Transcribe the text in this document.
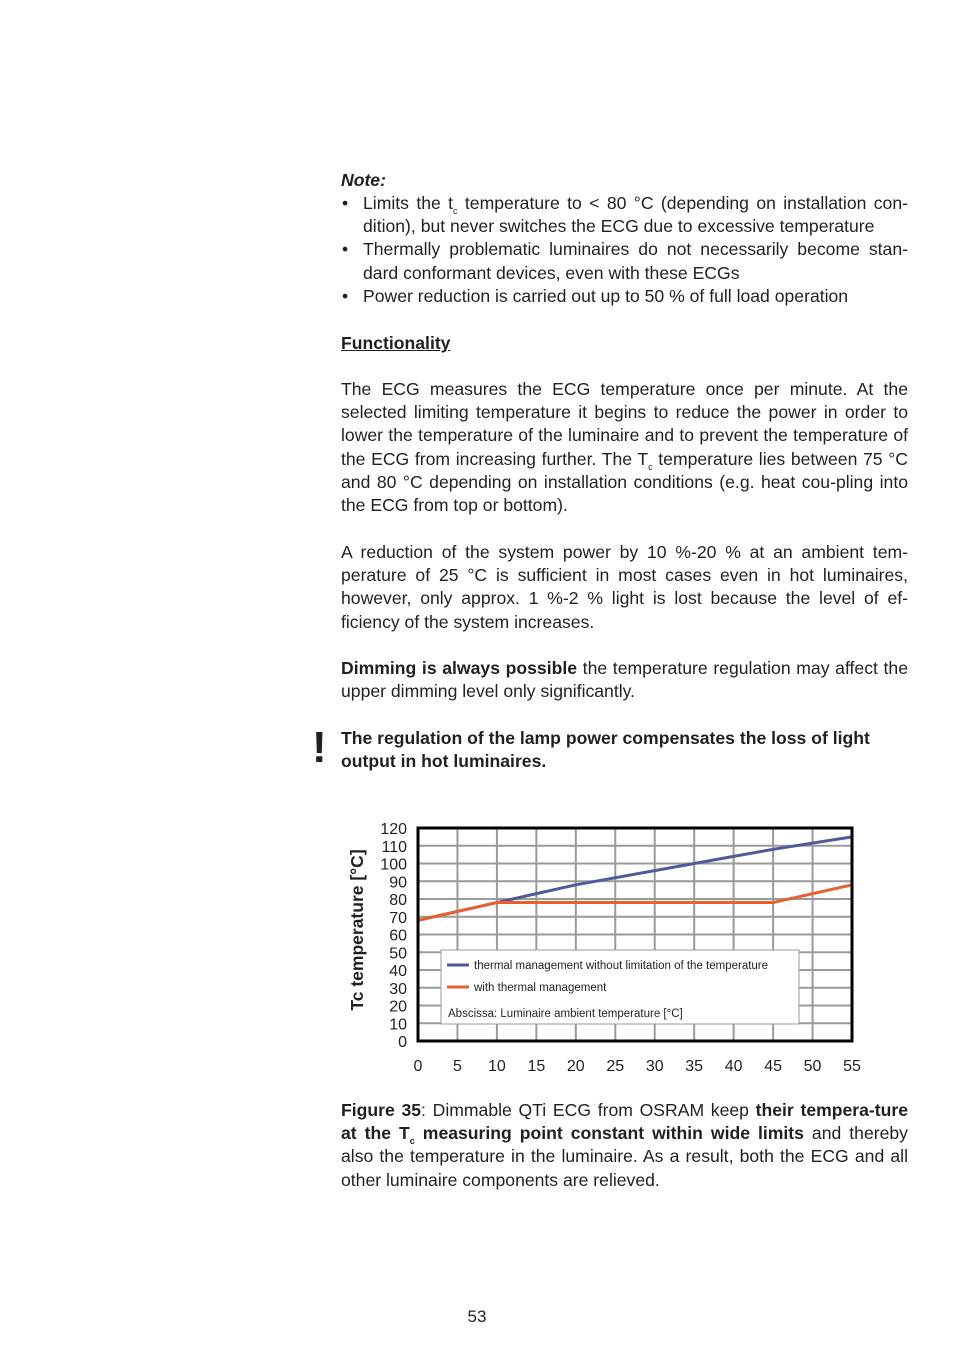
Note:
• Limits the $t_c$ temperature to < 80 °C (depending on installation con-dition), but never switches the ECG due to excessive temperature
• Thermally problematic luminaires do not necessarily become stan-dard conformant devices, even with these ECGs
• Power reduction is carried out up to 50 % of full load operation
Functionality
The ECG measures the ECG temperature once per minute. At the selected limiting temperature it begins to reduce the power in order to lower the temperature of the luminaire and to prevent the temperature of the ECG from increasing further. The $T_c$ temperature lies between 75 °C and 80 °C depending on installation conditions (e.g. heat cou-pling into the ECG from top or bottom).
A reduction of the system power by 10 %-20 % at an ambient tem-perature of 25 °C is sufficient in most cases even in hot luminaires, however, only approx. 1 %-2 % light is lost because the level of ef-ficiency of the system increases.
Dimming is always possible the temperature regulation may affect the upper dimming level only significantly.
! The regulation of the lamp power compensates the loss of light output in hot luminaires.
0
10
20
30
40
50
60
70
80
90
100
110
120
0 5 10 15 20 25 30 35 40 45 50 55
Tc temperature [°C]	thermal management without limitation of the temperature
with thermal management
Abscissa: Luminaire ambient temperature [°C]
Figure 35: Dimmable QTi ECG from OSRAM keep their tempera-ture at the $T_c$ measuring point constant within wide limits and thereby also the temperature in the luminaire. As a result, both the ECG and all other luminaire components are relieved.
53
